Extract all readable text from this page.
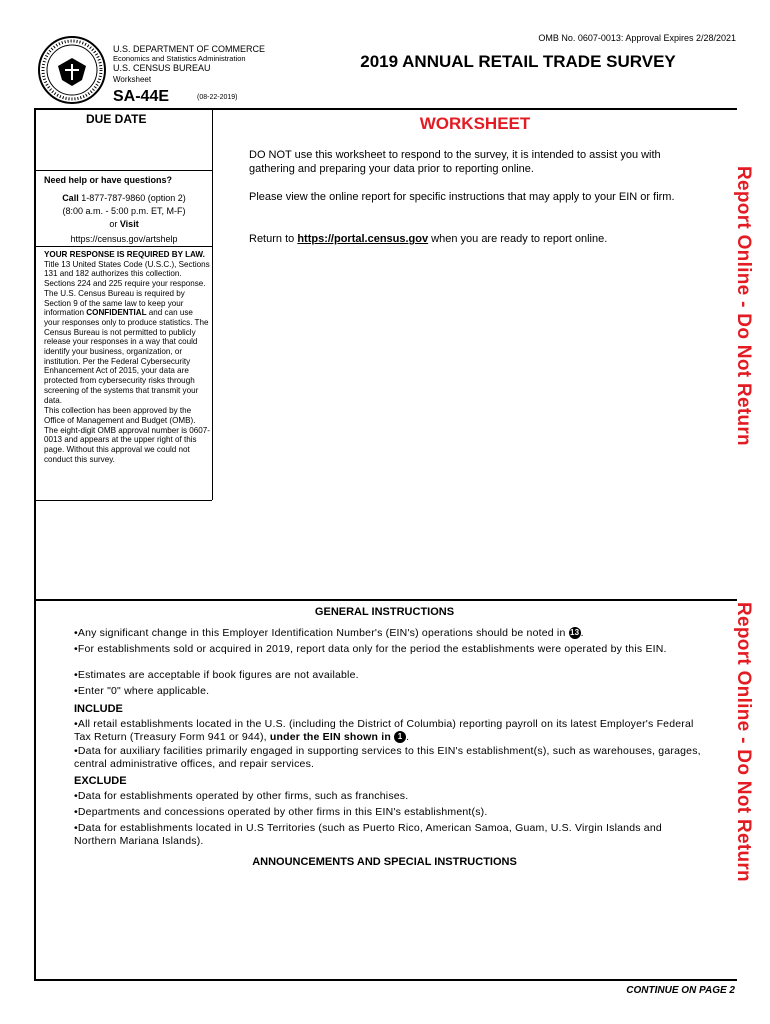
U.S. DEPARTMENT OF COMMERCE
Economics and Statistics Administration
U.S. CENSUS BUREAU
Worksheet
SA-44E	(08-22-2019)
OMB No. 0607-0013: Approval Expires 2/28/2021
2019 ANNUAL RETAIL TRADE SURVEY
DUE DATE
Need help or have questions?
Call 1-877-787-9860 (option 2)
(8:00 a.m. - 5:00 p.m. ET, M-F)
or Visit
https://census.gov/artshelp

YOUR RESPONSE IS REQUIRED BY LAW. Title 13 United States Code (U.S.C.), Sections 131 and 182 authorizes this collection. Sections 224 and 225 require your response. The U.S. Census Bureau is required by Section 9 of the same law to keep your information CONFIDENTIAL and can use your responses only to produce statistics. The Census Bureau is not permitted to publicly release your responses in a way that could identify your business, organization, or institution. Per the Federal Cybersecurity Enhancement Act of 2015, your data are protected from cybersecurity risks through screening of the systems that transmit your data.

This collection has been approved by the Office of Management and Budget (OMB). The eight-digit OMB approval number is 0607-0013 and appears at the upper right of this page. Without this approval we could not conduct this survey.

WORKSHEET
DO NOT use this worksheet to respond to the survey, it is intended to assist you with gathering and preparing your data prior to reporting online.
Please view the online report for specific instructions that may apply to your EIN or firm.
Return to https://portal.census.gov when you are ready to report online.	Report Online - Do Not Return
Report Online - Do Not Return
GENERAL INSTRUCTIONS
•Any significant change in this Employer Identification Number's (EIN's) operations should be noted in 13.
•For establishments sold or acquired in 2019, report data only for the period the establishments were operated by this EIN.
•Estimates are acceptable if book figures are not available.
•Enter "0" where applicable.
INCLUDE
•All retail establishments located in the U.S. (including the District of Columbia) reporting payroll on its latest Employer's Federal Tax Return (Treasury Form 941 or 944), under the EIN shown in 1 .
•Data for auxiliary facilities primarily engaged in supporting services to this EIN's establishment(s), such as warehouses, garages, central administrative offices, and repair services.
EXCLUDE
•Data for establishments operated by other firms, such as franchises.
•Departments and concessions operated by other firms in this EIN's establishment(s).
•Data for establishments located in U.S Territories (such as Puerto Rico, American Samoa, Guam, U.S. Virgin Islands and Northern Mariana Islands).
ANNOUNCEMENTS AND SPECIAL INSTRUCTIONS
CONTINUE ON PAGE 2
